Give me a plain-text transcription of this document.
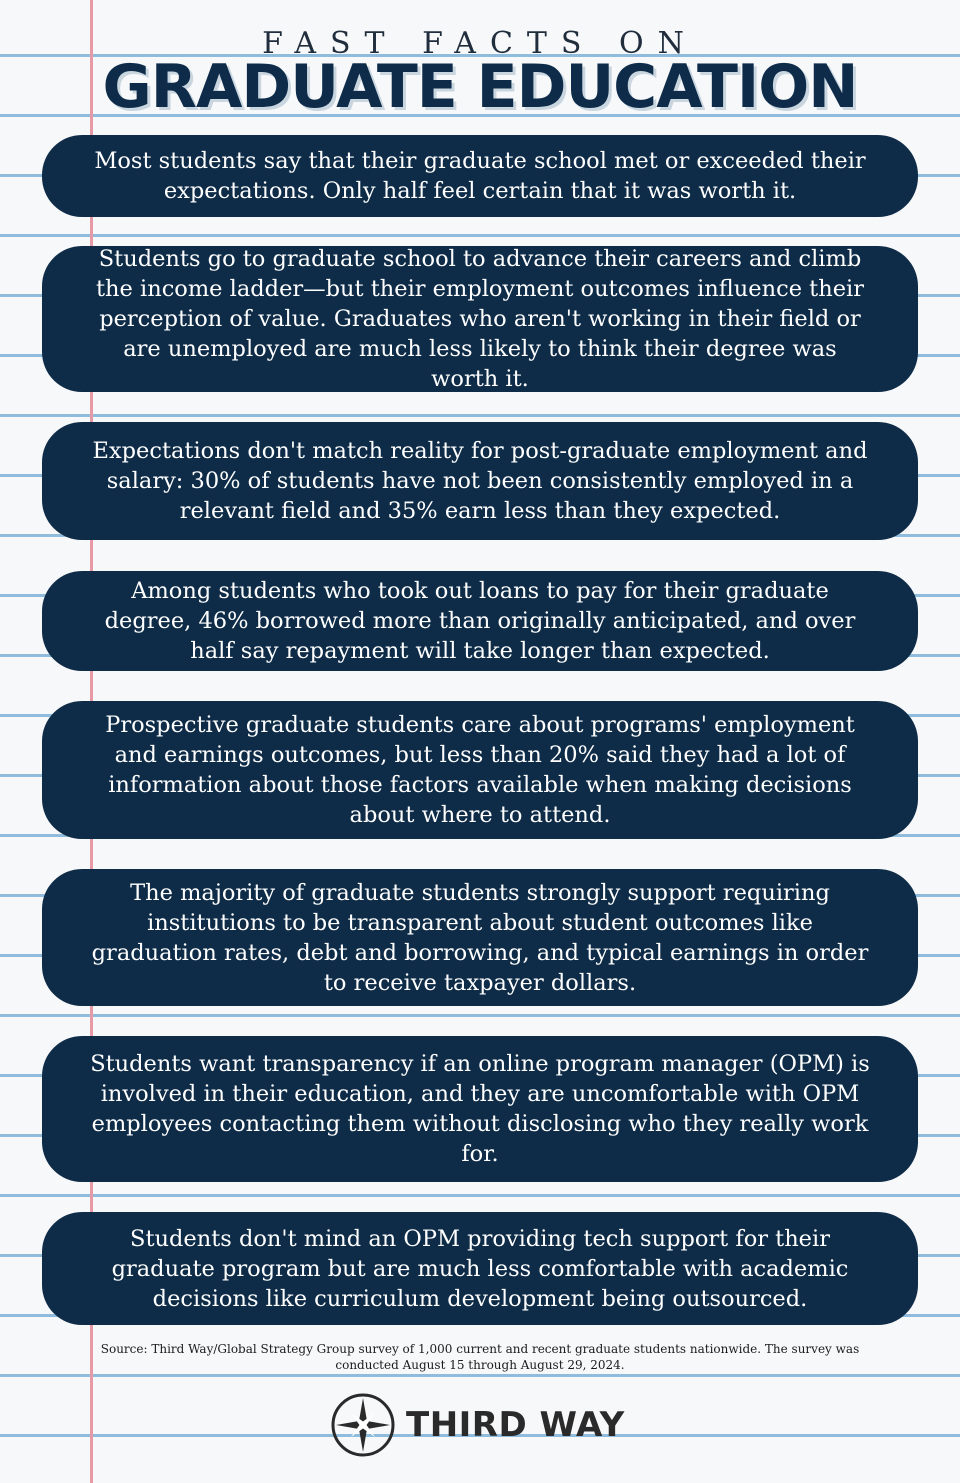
FAST FACTS ON
GRADUATE EDUCATION
Most students say that their graduate school met or exceeded their expectations. Only half feel certain that it was worth it.
Students go to graduate school to advance their careers and climb the income ladder—but their employment outcomes influence their perception of value. Graduates who aren't working in their field or are unemployed are much less likely to think their degree was worth it.
Expectations don't match reality for post-graduate employment and salary: 30% of students have not been consistently employed in a relevant field and 35% earn less than they expected.
Among students who took out loans to pay for their graduate degree, 46% borrowed more than originally anticipated, and over half say repayment will take longer than expected.
Prospective graduate students care about programs' employment and earnings outcomes, but less than 20% said they had a lot of information about those factors available when making decisions about where to attend.
The majority of graduate students strongly support requiring institutions to be transparent about student outcomes like graduation rates, debt and borrowing, and typical earnings in order to receive taxpayer dollars.
Students want transparency if an online program manager (OPM) is involved in their education, and they are uncomfortable with OPM employees contacting them without disclosing who they really work for.
Students don't mind an OPM providing tech support for their graduate program but are much less comfortable with academic decisions like curriculum development being outsourced.
Source: Third Way/Global Strategy Group survey of 1,000 current and recent graduate students nationwide. The survey was conducted August 15 through August 29, 2024.
THIRD WAY
